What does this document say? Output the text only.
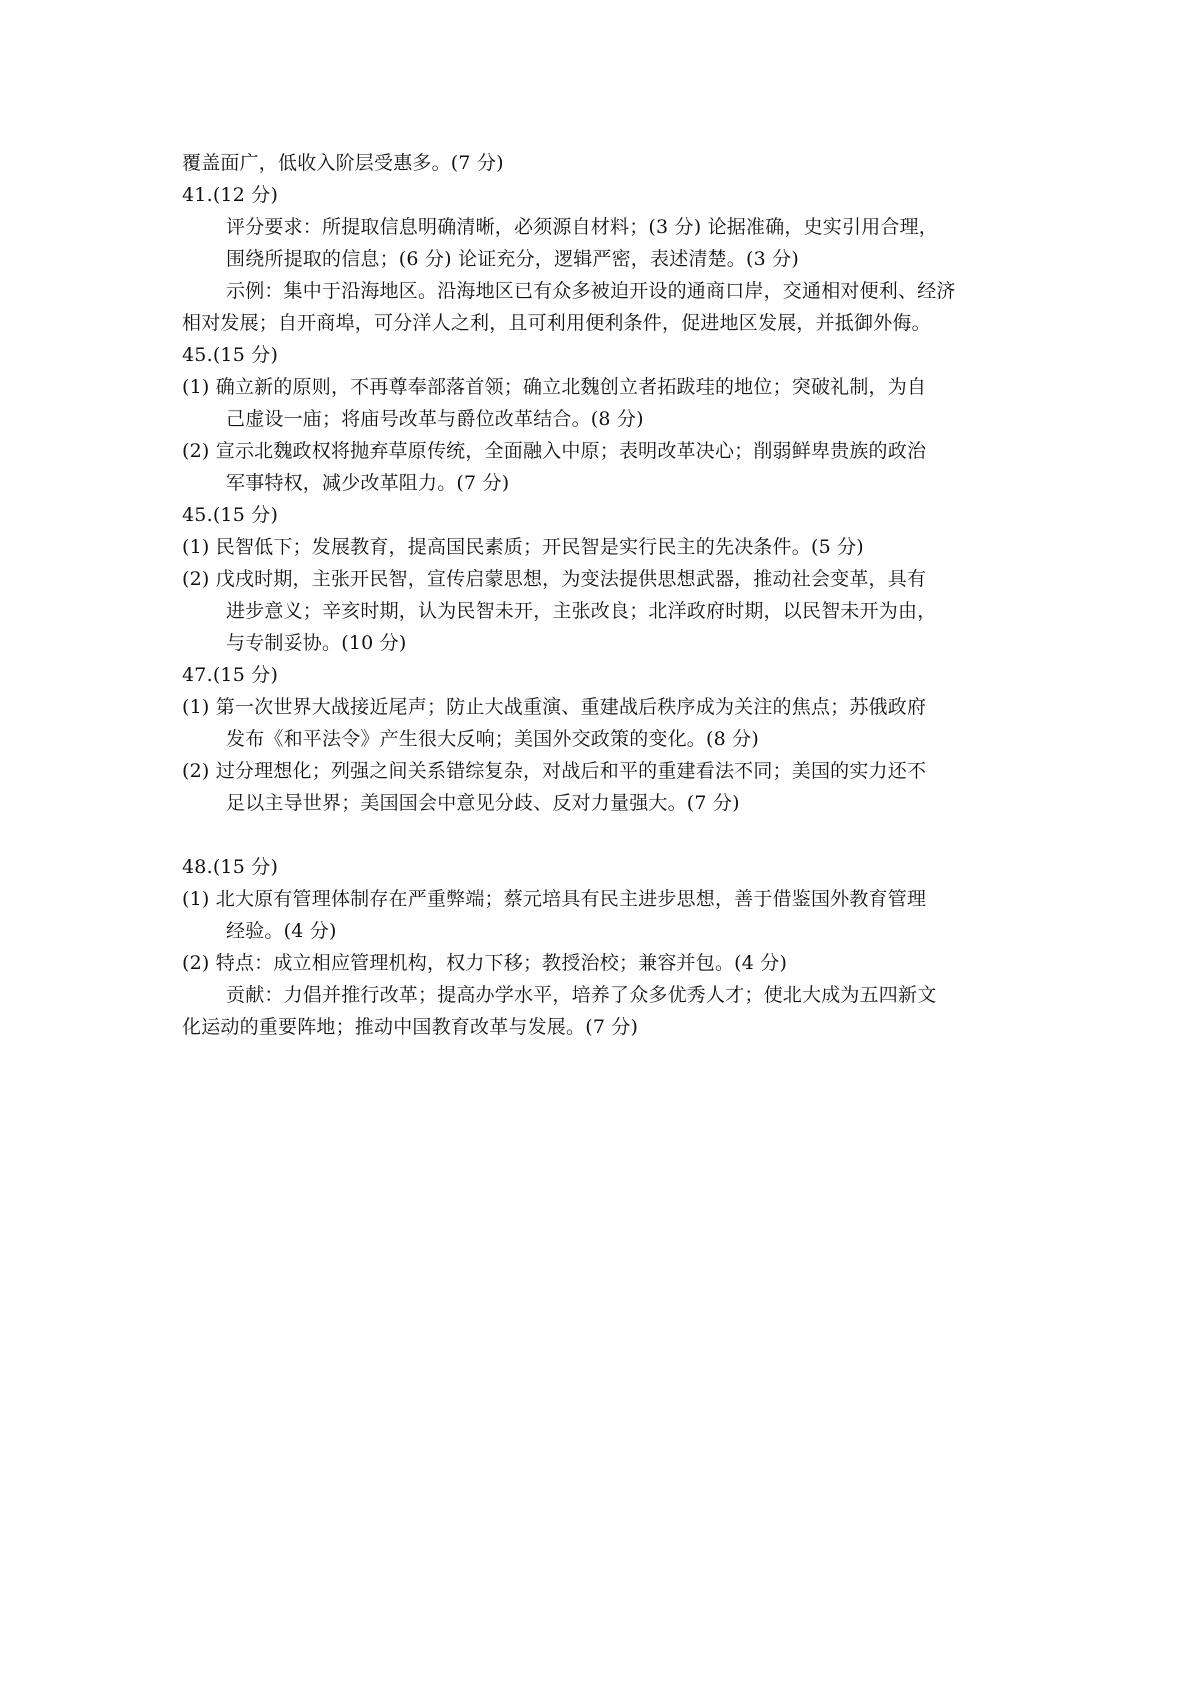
覆盖面广，低收入阶层受惠多。(7 分)
41.(12 分)
评分要求：所提取信息明确清晰，必须源自材料；(3 分) 论据准确，史实引用合理，
围绕所提取的信息；(6 分) 论证充分，逻辑严密，表述清楚。(3 分)
示例：集中于沿海地区。沿海地区已有众多被迫开设的通商口岸，交通相对便利、经济
相对发展；自开商埠，可分洋人之利，且可利用便利条件，促进地区发展，并抵御外侮。
45.(15 分)
(1) 确立新的原则，不再尊奉部落首领；确立北魏创立者拓跋珪的地位；突破礼制，为自
己虚设一庙；将庙号改革与爵位改革结合。(8 分)
(2) 宣示北魏政权将抛弃草原传统，全面融入中原；表明改革决心；削弱鲜卑贵族的政治
军事特权，减少改革阻力。(7 分)
45.(15 分)
(1) 民智低下；发展教育，提高国民素质；开民智是实行民主的先决条件。(5 分)
(2) 戊戌时期，主张开民智，宣传启蒙思想，为变法提供思想武器，推动社会变革，具有
进步意义；辛亥时期，认为民智未开，主张改良；北洋政府时期，以民智未开为由，
与专制妥协。(10 分)
47.(15 分)
(1) 第一次世界大战接近尾声；防止大战重演、重建战后秩序成为关注的焦点；苏俄政府
发布《和平法令》产生很大反响；美国外交政策的变化。(8 分)
(2) 过分理想化；列强之间关系错综复杂，对战后和平的重建看法不同；美国的实力还不
足以主导世界；美国国会中意见分歧、反对力量强大。(7 分)
48.(15 分)
(1) 北大原有管理体制存在严重弊端；蔡元培具有民主进步思想，善于借鉴国外教育管理
经验。(4 分)
(2) 特点：成立相应管理机构，权力下移；教授治校；兼容并包。(4 分)
贡献：力倡并推行改革；提高办学水平，培养了众多优秀人才；使北大成为五四新文
化运动的重要阵地；推动中国教育改革与发展。(7 分)
